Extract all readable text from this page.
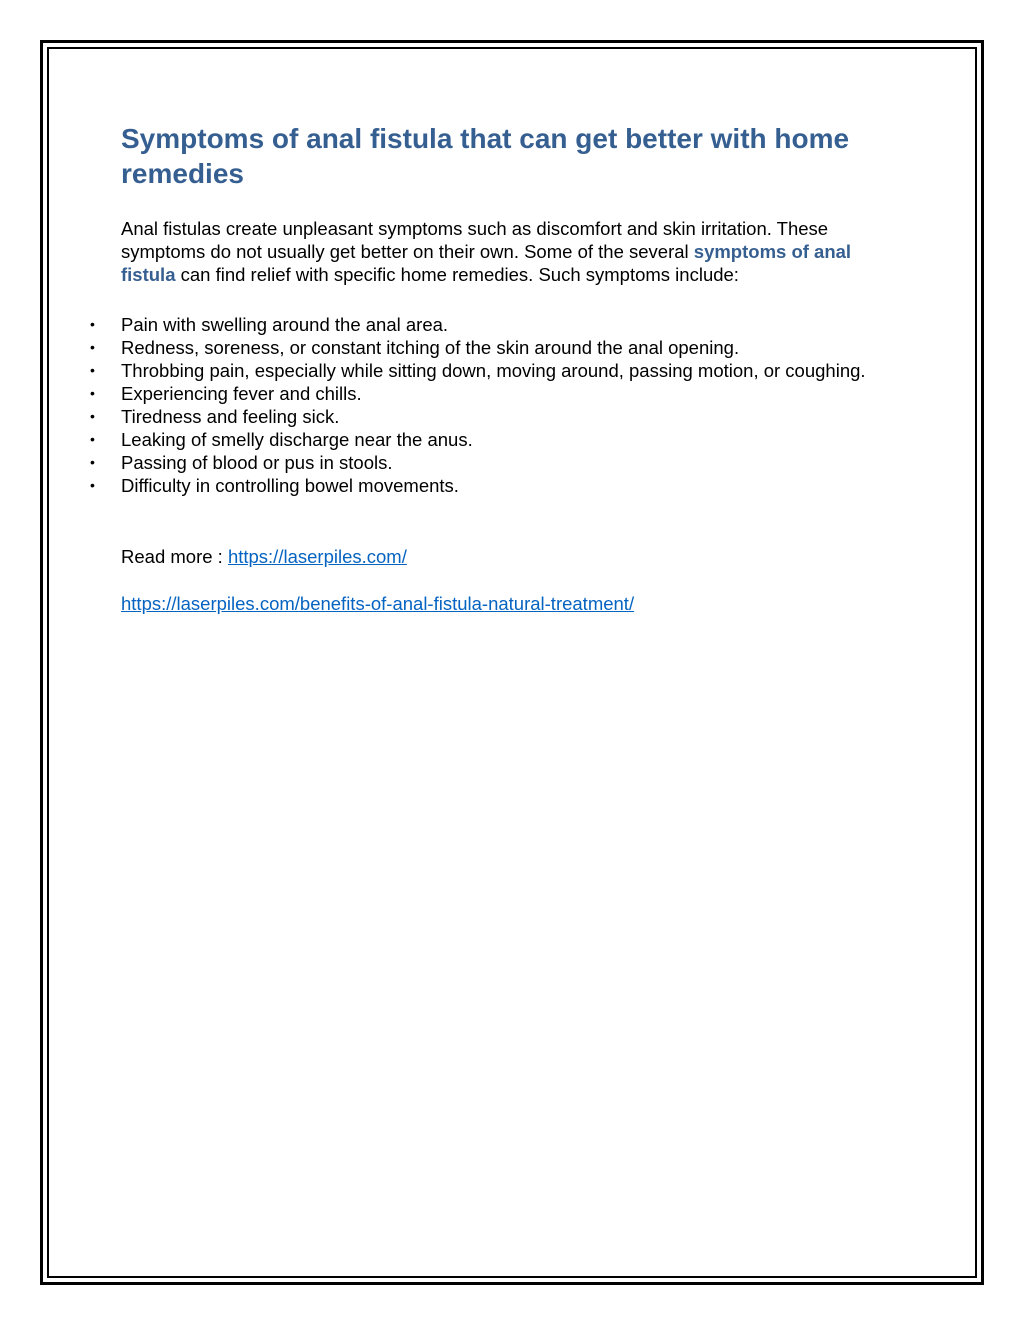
Symptoms of anal fistula that can get better with home remedies

Anal fistulas create unpleasant symptoms such as discomfort and skin irritation. These symptoms do not usually get better on their own. Some of the several symptoms of anal fistula can find relief with specific home remedies. Such symptoms include:

• Pain with swelling around the anal area.
• Redness, soreness, or constant itching of the skin around the anal opening.
• Throbbing pain, especially while sitting down, moving around, passing motion, or coughing.
• Experiencing fever and chills.
• Tiredness and feeling sick.
• Leaking of smelly discharge near the anus.
• Passing of blood or pus in stools.
• Difficulty in controlling bowel movements.

Read more : https://laserpiles.com/

https://laserpiles.com/benefits-of-anal-fistula-natural-treatment/
